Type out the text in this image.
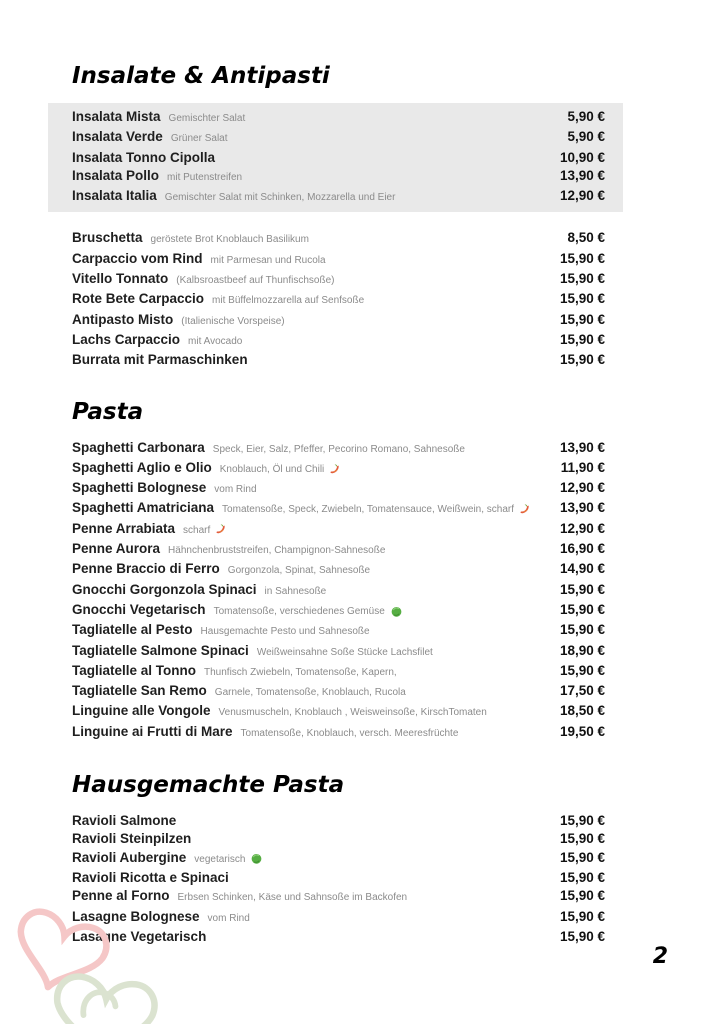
Insalate & Antipasti
Insalata Mista Gemischter Salat	5,90 €
Insalata Verde Grüner Salat	5,90 €
Insalata Tonno Cipolla	10,90 €
Insalata Pollo mit Putenstreifen	13,90 €
Insalata Italia Gemischter Salat mit Schinken, Mozzarella und Eier	12,90 €
Bruschetta geröstete Brot Knoblauch Basilikum	8,50 €
Carpaccio vom Rind mit Parmesan und Rucola	15,90 €
Vitello Tonnato (Kalbsroastbeef auf Thunfischsoße)	15,90 €
Rote Bete Carpaccio mit Büffelmozzarella auf Senfsoße	15,90 €
Antipasto Misto (Italienische Vorspeise)	15,90 €
Lachs Carpaccio mit Avocado	15,90 €
Burrata mit Parmaschinken	15,90 €
Pasta
Spaghetti Carbonara Speck, Eier, Salz, Pfeffer, Pecorino Romano, Sahnesoße	13,90 €
Spaghetti Aglio e Olio Knoblauch, Öl und Chili	11,90 €
Spaghetti Bolognese vom Rind	12,90 €
Spaghetti Amatriciana Tomatensoße, Speck, Zwiebeln, Tomatensauce, Weißwein, scharf	13,90 €
Penne Arrabiata scharf	12,90 €
Penne Aurora Hähnchenbruststreifen, Champignon-Sahnesoße	16,90 €
Penne Braccio di Ferro Gorgonzola, Spinat, Sahnesoße	14,90 €
Gnocchi Gorgonzola Spinaci in Sahnesoße	15,90 €
Gnocchi Vegetarisch Tomatensoße, verschiedenes Gemüse	15,90 €
Tagliatelle al Pesto Hausgemachte Pesto und Sahnesoße	15,90 €
Tagliatelle Salmone Spinaci Weißweinsahne Soße Stücke Lachsfilet	18,90 €
Tagliatelle al Tonno Thunfisch Zwiebeln, Tomatensoße, Kapern,	15,90 €
Tagliatelle San Remo Garnele, Tomatensoße, Knoblauch, Rucola	17,50 €
Linguine alle Vongole Venusmuscheln, Knoblauch , Weisweinsoße, KirschTomaten	18,50 €
Linguine ai Frutti di Mare Tomatensoße, Knoblauch, versch. Meeresfrüchte	19,50 €
Hausgemachte Pasta
Ravioli Salmone	15,90 €
Ravioli Steinpilzen	15,90 €
Ravioli Aubergine vegetarisch	15,90 €
Ravioli Ricotta e Spinaci	15,90 €
Penne al Forno Erbsen Schinken, Käse und Sahnsoße im Backofen	15,90 €
Lasagne Bolognese vom Rind	15,90 €
Lasagne Vegetarisch	15,90 €
2
